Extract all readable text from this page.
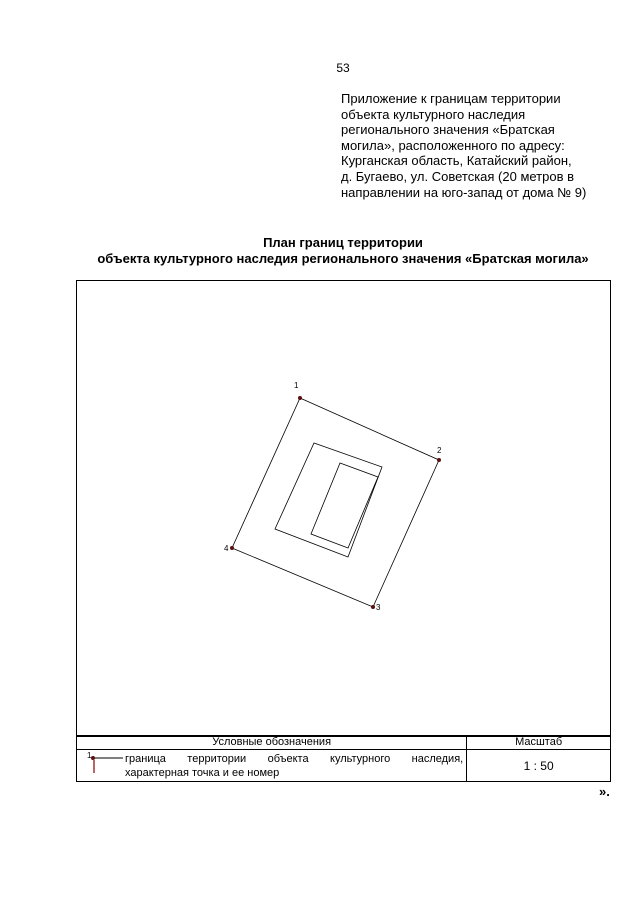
53
Приложение к границам территории
объекта культурного наследия
регионального значения «Братская
могила», расположенного по адресу:
Курганская область, Катайский район,
д. Бугаево, ул. Советская (20 метров в
направлении на юго-запад от дома № 9)
План границ территории
объекта культурного наследия регионального значения «Братская могила»
1
2
3
4
Условные обозначения	Масштаб

1 граница территории объекта культурного наследия,
характерная точка и ее номер	1 : 50
».
